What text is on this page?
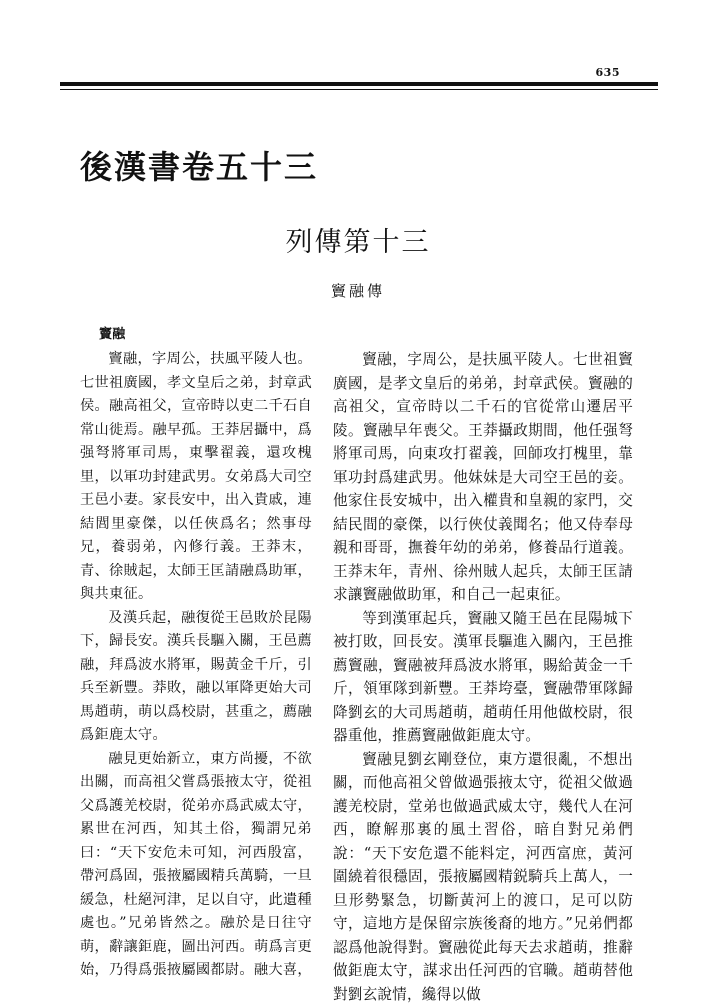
635
後漢書卷五十三
列傳第十三
竇融傳
竇融

竇融，字周公，扶風平陵人也。七世祖廣國，孝文皇后之弟，封章武侯。融高祖父，宣帝時以吏二千石自常山徙焉。融早孤。王莽居攝中，爲强弩將軍司馬，東擊翟義，還攻槐里，以軍功封建武男。女弟爲大司空王邑小妻。家長安中，出入貴戚，連結閭里豪傑，以任俠爲名；然事母兄，養弱弟，內修行義。王莽末，青、徐賊起，太師王匡請融爲助軍，與共東征。

及漢兵起，融復從王邑敗於昆陽下，歸長安。漢兵長驅入關，王邑薦融，拜爲波水將軍，賜黃金千斤，引兵至新豐。莽敗，融以軍降更始大司馬趙萌，萌以爲校尉，甚重之，薦融爲鉅鹿太守。

融見更始新立，東方尚擾，不欲出關，而高祖父嘗爲張掖太守，從祖父爲護羌校尉，從弟亦爲武威太守，累世在河西，知其土俗，獨謂兄弟曰：“天下安危未可知，河西殷富，帶河爲固，張掖屬國精兵萬騎，一旦緩急，杜絕河津，足以自守，此遺種處也。”兄弟皆然之。融於是日往守萌，辭讓鉅鹿，圖出河西。萌爲言更始，乃得爲張掖屬國都尉。融大喜，

竇融，字周公，是扶風平陵人。七世祖竇廣國，是孝文皇后的弟弟，封章武侯。竇融的高祖父，宣帝時以二千石的官從常山遷居平陵。竇融早年喪父。王莽攝政期間，他任强弩將軍司馬，向東攻打翟義，回師攻打槐里，靠軍功封爲建武男。他妹妹是大司空王邑的妾。他家住長安城中，出入權貴和皇親的家門，交結民間的豪傑，以行俠仗義聞名；他又侍奉母親和哥哥，撫養年幼的弟弟，修養品行道義。王莽末年，青州、徐州賊人起兵，太師王匡請求讓竇融做助軍，和自己一起東征。

等到漢軍起兵，竇融又隨王邑在昆陽城下被打敗，回長安。漢軍長驅進入關內，王邑推薦竇融，竇融被拜爲波水將軍，賜給黃金一千斤，領軍隊到新豐。王莽垮臺，竇融帶軍隊歸降劉玄的大司馬趙萌，趙萌任用他做校尉，很器重他，推薦竇融做鉅鹿太守。

竇融見劉玄剛登位，東方還很亂，不想出關，而他高祖父曾做過張掖太守，從祖父做過護羌校尉，堂弟也做過武威太守，幾代人在河西，瞭解那裏的風土習俗，暗自對兄弟們說：“天下安危還不能料定，河西富庶，黃河圍繞着很穩固，張掖屬國精鋭騎兵上萬人，一旦形勢緊急，切斷黃河上的渡口，足可以防守，這地方是保留宗族後裔的地方。”兄弟們都認爲他說得對。竇融從此每天去求趙萌，推辭做鉅鹿太守，謀求出任河西的官職。趙萌替他對劉玄說情，纔得以做
